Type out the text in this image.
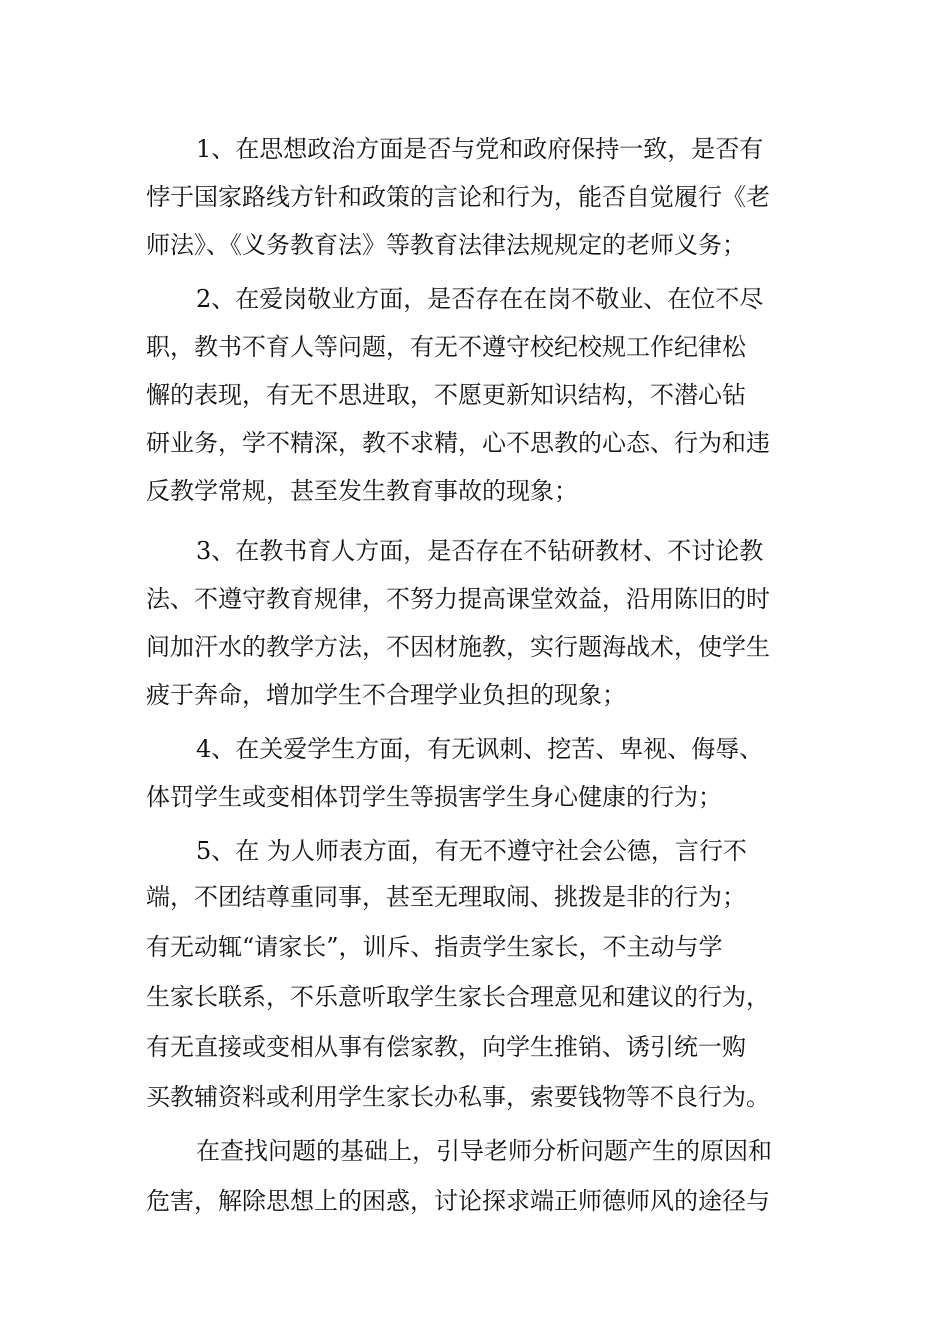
1、在思想政治方面是否与党和政府保持一致，是否有
悖于国家路线方针和政策的言论和行为，能否自觉履行《老
师法》、《义务教育法》等教育法律法规规定的老师义务；
2、在爱岗敬业方面，是否存在在岗不敬业、在位不尽
职，教书不育人等问题，有无不遵守校纪校规工作纪律松
懈的表现，有无不思进取，不愿更新知识结构，不潜心钻
研业务，学不精深，教不求精，心不思教的心态、行为和违
反教学常规，甚至发生教育事故的现象；
3、在教书育人方面，是否存在不钻研教材、不讨论教
法、不遵守教育规律，不努力提高课堂效益，沿用陈旧的时
间加汗水的教学方法，不因材施教，实行题海战术，使学生
疲于奔命，增加学生不合理学业负担的现象；
4、在关爱学生方面，有无讽刺、挖苦、卑视、侮辱、
体罚学生或变相体罚学生等损害学生身心健康的行为；
5、在 为人师表方面，有无不遵守社会公德，言行不
端，不团结尊重同事，甚至无理取闹、挑拨是非的行为；
有无动辄“请家长”，训斥、指责学生家长，不主动与学
生家长联系，不乐意听取学生家长合理意见和建议的行为，
有无直接或变相从事有偿家教，向学生推销、诱引统一购
买教辅资料或利用学生家长办私事，索要钱物等不良行为。
在查找问题的基础上，引导老师分析问题产生的原因和
危害，解除思想上的困惑，讨论探求端正师德师风的途径与
